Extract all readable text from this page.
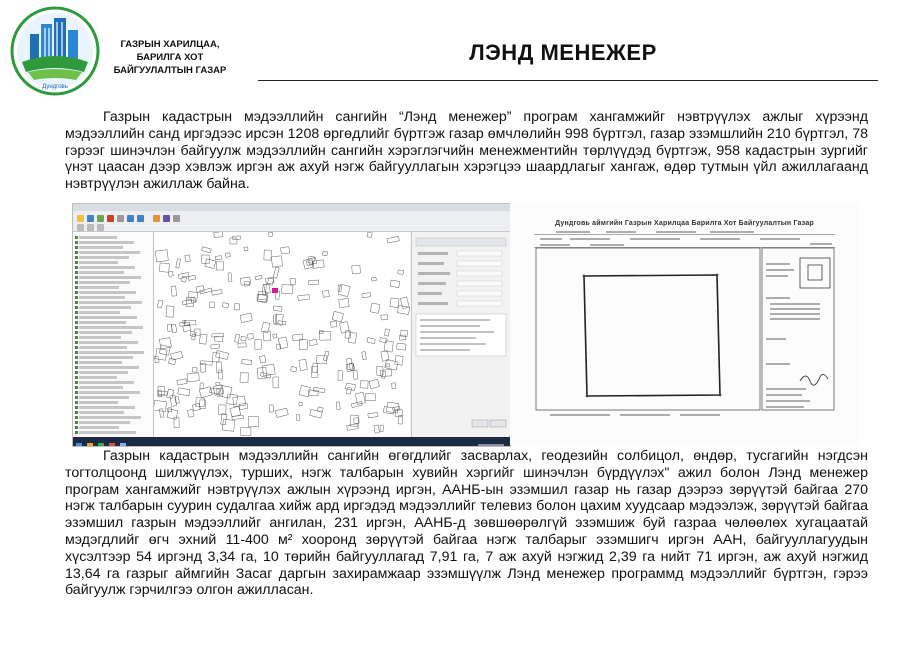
Дундговь
ГАЗРЫН ХАРИЛЦАА,
БАРИЛГА ХОТ
БАЙГУУЛАЛТЫН ГАЗАР
ЛЭНД МЕНЕЖЕР
Газрын кадастрын мэдээллийн сангийн “Лэнд менежер” програм хангамжийг нэвтрүүлэх ажлыг хүрээнд мэдээллийн санд иргэдээс ирсэн 1208 өргөдлийг бүртгэж газар өмчлөлийн 998 бүртгэл, газар эзэмшлийн 210 бүртгэл, 78 гэрээг шинэчлэн байгуулж мэдээллийн сангийн хэрэглэгчийн менежментийн төрлүүдэд бүртгэж, 958 кадастрын зургийг үнэт цаасан дээр хэвлэж иргэн аж ахуй нэгж байгууллагын хэрэгцээ шаардлагыг хангаж, өдөр тутмын үйл ажиллагаанд нэвтрүүлэн ажиллаж байна.
Дундговь аймгийн Газрын Харилцаа Барилга Хот Байгуулалтын Газар
Газрын кадастрын мэдээллийн сангийн өгөгдлийг засварлах, геодезийн солбицол, өндөр, тусгагийн нэгдсэн тогтолцоонд шилжүүлэх, турших, нэгж талбарын хувийн хэргийг шинэчлэн бүрдүүлэх" ажил болон Лэнд менежер програм хангамжийг нэвтрүүлэх ажлын хүрээнд иргэн, ААНБ-ын эзэмшил газар нь газар дээрээ зөрүүтэй байгаа 270 нэгж талбарын суурин судалгаа хийж ард иргэдэд мэдээллийг телевиз болон цахим хуудсаар мэдээлэж, зөрүүтэй байгаа эзэмшил газрын мэдээллийг ангилан, 231 иргэн, ААНБ-д зөвшөөрөлгүй эзэмшиж буй газраа чөлөөлөх хугацаатай мэдэгдлийг өгч эхний 11-400 м² хооронд зөрүүтэй байгаа нэгж талбарыг эзэмшигч иргэн ААН, байгууллагуудын хүсэлтээр 54 иргэнд 3,34 га, 10 төрийн байгууллагад 7,91 га, 7 аж ахуй нэгжид 2,39 га нийт 71 иргэн, аж ахуй нэгжид 13,64 га газрыг аймгийн Засаг даргын захирамжаар эзэмшүүлж Лэнд менежер программд мэдээллийг бүртгэн, гэрээ байгуулж гэрчилгээ олгон ажилласан.
